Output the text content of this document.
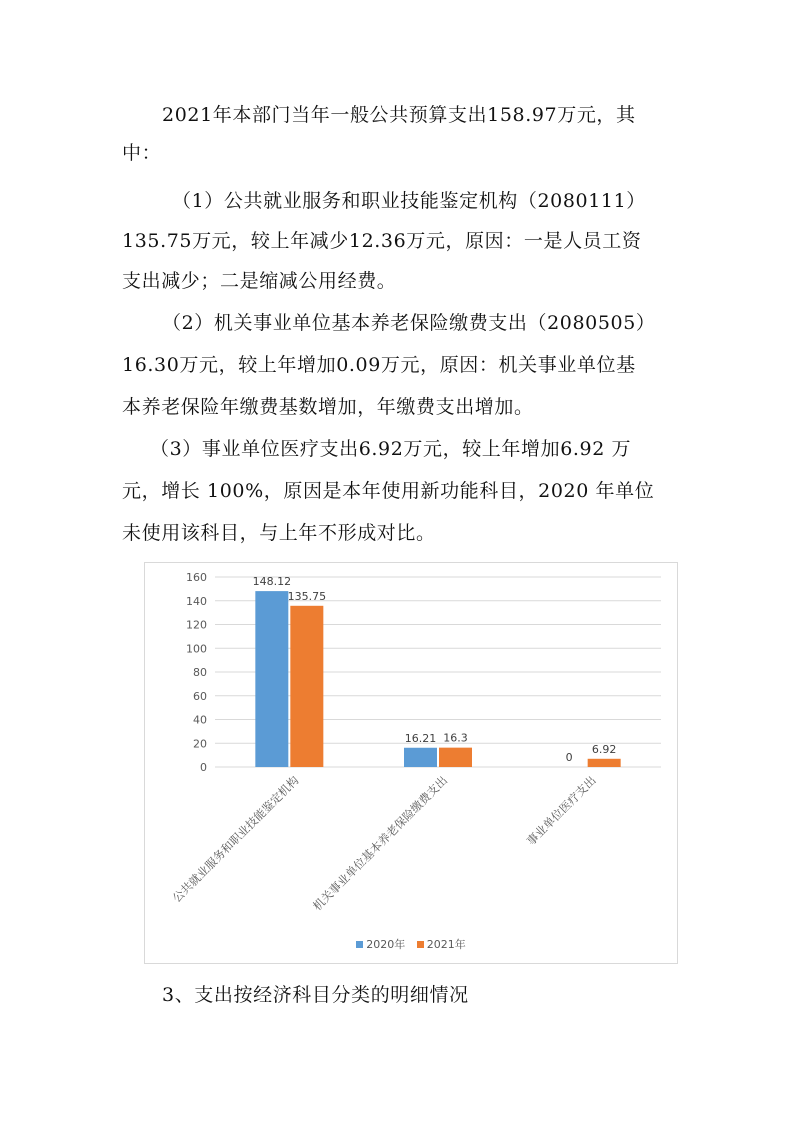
2021年本部门当年一般公共预算支出158.97万元，其
中：
（1）公共就业服务和职业技能鉴定机构（2080111）
135.75万元，较上年减少12.36万元，原因：一是人员工资
支出减少；二是缩减公用经费。
（2）机关事业单位基本养老保险缴费支出（2080505）
16.30万元，较上年增加0.09万元，原因：机关事业单位基
本养老保险年缴费基数增加，年缴费支出增加。
（3）事业单位医疗支出6.92万元，较上年增加6.92 万
元，增长 100%，原因是本年使用新功能科目，2020 年单位
未使用该科目，与上年不形成对比。
0
20
40
60
80
100
120
140
160	148.12
135.75
公共就业服务和职业技能鉴定机构
16.21 16.3
机关事业单位基本养老保险缴费支出
0
6.92
事业单位医疗支出
2020年
2021年
3、支出按经济科目分类的明细情况
